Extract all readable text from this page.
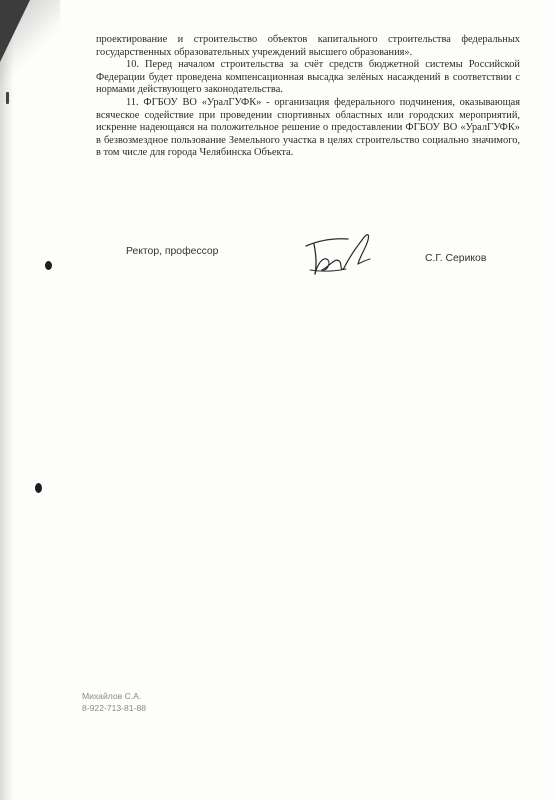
проектирование и строительство объектов капитального строительства федеральных государственных образовательных учреждений высшего образования».

10. Перед началом строительства за счёт средств бюджетной системы Российской Федерации будет проведена компенсационная высадка зелёных насаждений в соответствии с нормами действующего законодательства.

11. ФГБОУ ВО «УралГУФК» - организация федерального подчинения, оказывающая всяческое содействие при проведении спортивных областных или городских мероприятий, искренне надеющаяся на положительное решение о предоставлении ФГБОУ ВО «УралГУФК» в безвозмездное пользование Земельного участка в целях строительство социально значимого, в том числе для города Челябинска Объекта.

Ректор, профессор
С.Г. Сериков
Михайлов С.А.
8-922-713-81-88
